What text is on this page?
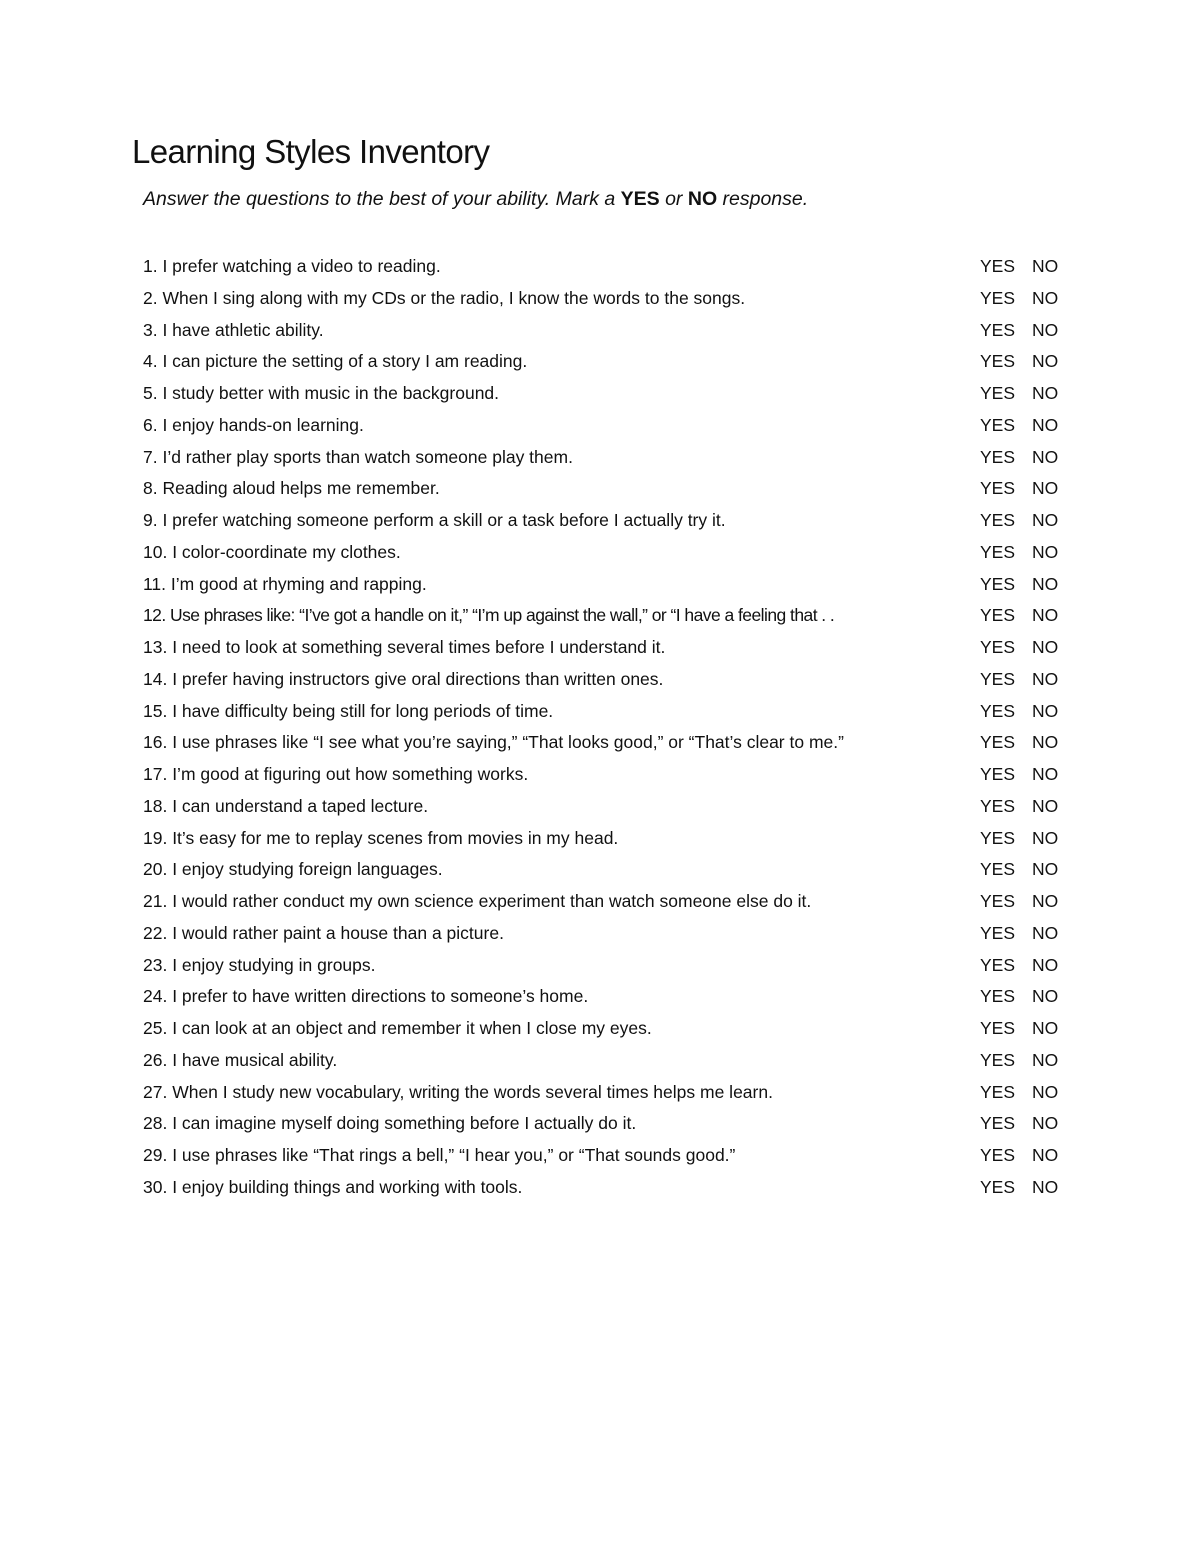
Learning Styles Inventory

Answer the questions to the best of your ability. Mark a YES or NO response.

1. I prefer watching a video to reading.	YES NO
2. When I sing along with my CDs or the radio, I know the words to the songs.	YES NO
3. I have athletic ability.	YES NO
4. I can picture the setting of a story I am reading.	YES NO
5. I study better with music in the background.	YES NO
6. I enjoy hands-on learning.	YES NO
7. I’d rather play sports than watch someone play them.	YES NO
8. Reading aloud helps me remember.	YES NO
9. I prefer watching someone perform a skill or a task before I actually try it.	YES NO
10. I color-coordinate my clothes.	YES NO
11. I’m good at rhyming and rapping.	YES NO
12. Use phrases like: “I’ve got a handle on it,” “I’m up against the wall,” or “I have a feeling that . .	YES NO
13. I need to look at something several times before I understand it.	YES NO
14. I prefer having instructors give oral directions than written ones.	YES NO
15. I have difficulty being still for long periods of time.	YES NO
16. I use phrases like “I see what you’re saying,” “That looks good,” or “That’s clear to me.”	YES NO
17. I’m good at figuring out how something works.	YES NO
18. I can understand a taped lecture.	YES NO
19. It’s easy for me to replay scenes from movies in my head.	YES NO
20. I enjoy studying foreign languages.	YES NO
21. I would rather conduct my own science experiment than watch someone else do it.	YES NO
22. I would rather paint a house than a picture.	YES NO
23. I enjoy studying in groups.	YES NO
24. I prefer to have written directions to someone’s home.	YES NO
25. I can look at an object and remember it when I close my eyes.	YES NO
26. I have musical ability.	YES NO
27. When I study new vocabulary, writing the words several times helps me learn.	YES NO
28. I can imagine myself doing something before I actually do it.	YES NO
29. I use phrases like “That rings a bell,” “I hear you,” or “That sounds good.”	YES NO
30. I enjoy building things and working with tools.	YES NO
